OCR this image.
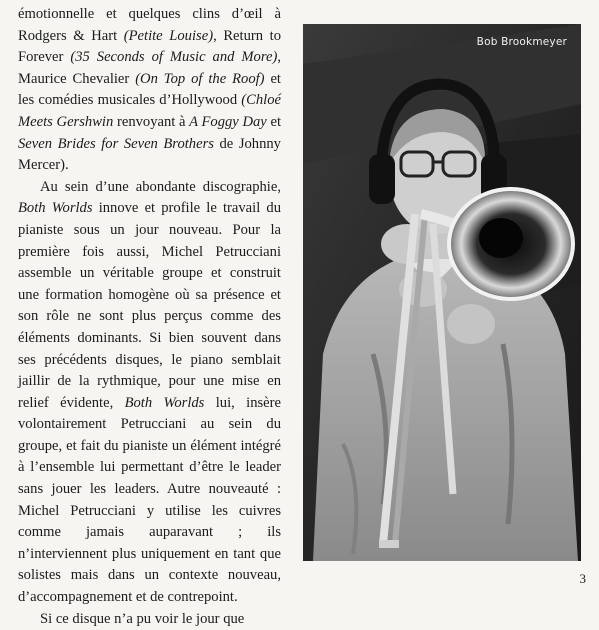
émotionnelle et quelques clins d’œil à Rodgers & Hart (Petite Louise), Return to Forever (35 Seconds of Music and More), Maurice Chevalier (On Top of the Roof) et les comédies musicales d’Hollywood (Chloé Meets Gershwin renvoyant à A Foggy Day et Seven Brides for Seven Brothers de Johnny Mercer).

Au sein d’une abondante discographie, Both Worlds innove et profile le travail du pianiste sous un jour nouveau. Pour la première fois aussi, Michel Petrucciani assemble un véritable groupe et construit une formation homogène où sa présence et son rôle ne sont plus perçus comme des éléments dominants. Si bien souvent dans ses précédents disques, le piano semblait jaillir de la rythmique, pour une mise en relief évidente, Both Worlds lui, insère volontairement Petrucciani au sein du groupe, et fait du pianiste un élément intégré à l’ensemble lui permettant d’être le leader sans jouer les leaders. Autre nouveauté : Michel Petrucciani y utilise les cuivres comme jamais auparavant ; ils n’interviennent plus uniquement en tant que solistes mais dans un contexte nouveau, d’accompagnement et de contrepoint.

Si ce disque n’a pu voir le jour que

Bob Brookmeyer
3
